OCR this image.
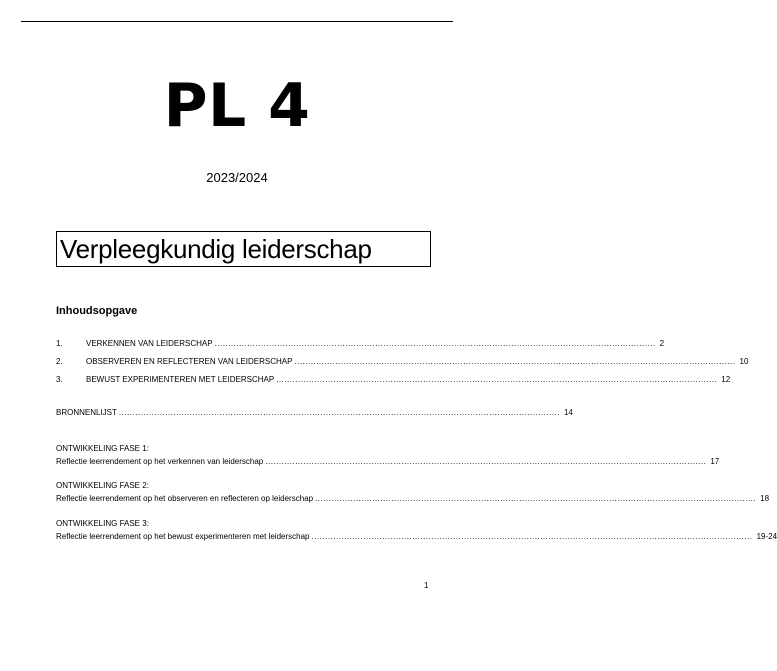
PL 4
2023/2024
Verpleegkundig leiderschap
Inhoudsopgave
1.	VERKENNEN VAN LEIDERSCHAP .................................................................................................................................................................. 2
2.	OBSERVEREN EN REFLECTEREN VAN LEIDERSCHAP .................................................................................................................................................................. 10
3.	BEWUST EXPERIMENTEREN MET LEIDERSCHAP .................................................................................................................................................................. 12
BRONNENLIJST .................................................................................................................................................................. 14
ONTWIKKELING FASE 1:
Reflectie leerrendement op het verkennen van leiderschap .................................................................................................................................................................. 17
ONTWIKKELING FASE 2:
Reflectie leerrendement op het observeren en reflecteren op leiderschap .................................................................................................................................................................. 18
ONTWIKKELING FASE 3:
Reflectie leerrendement op het bewust experimenteren met leiderschap .................................................................................................................................................................. 19-24
1
